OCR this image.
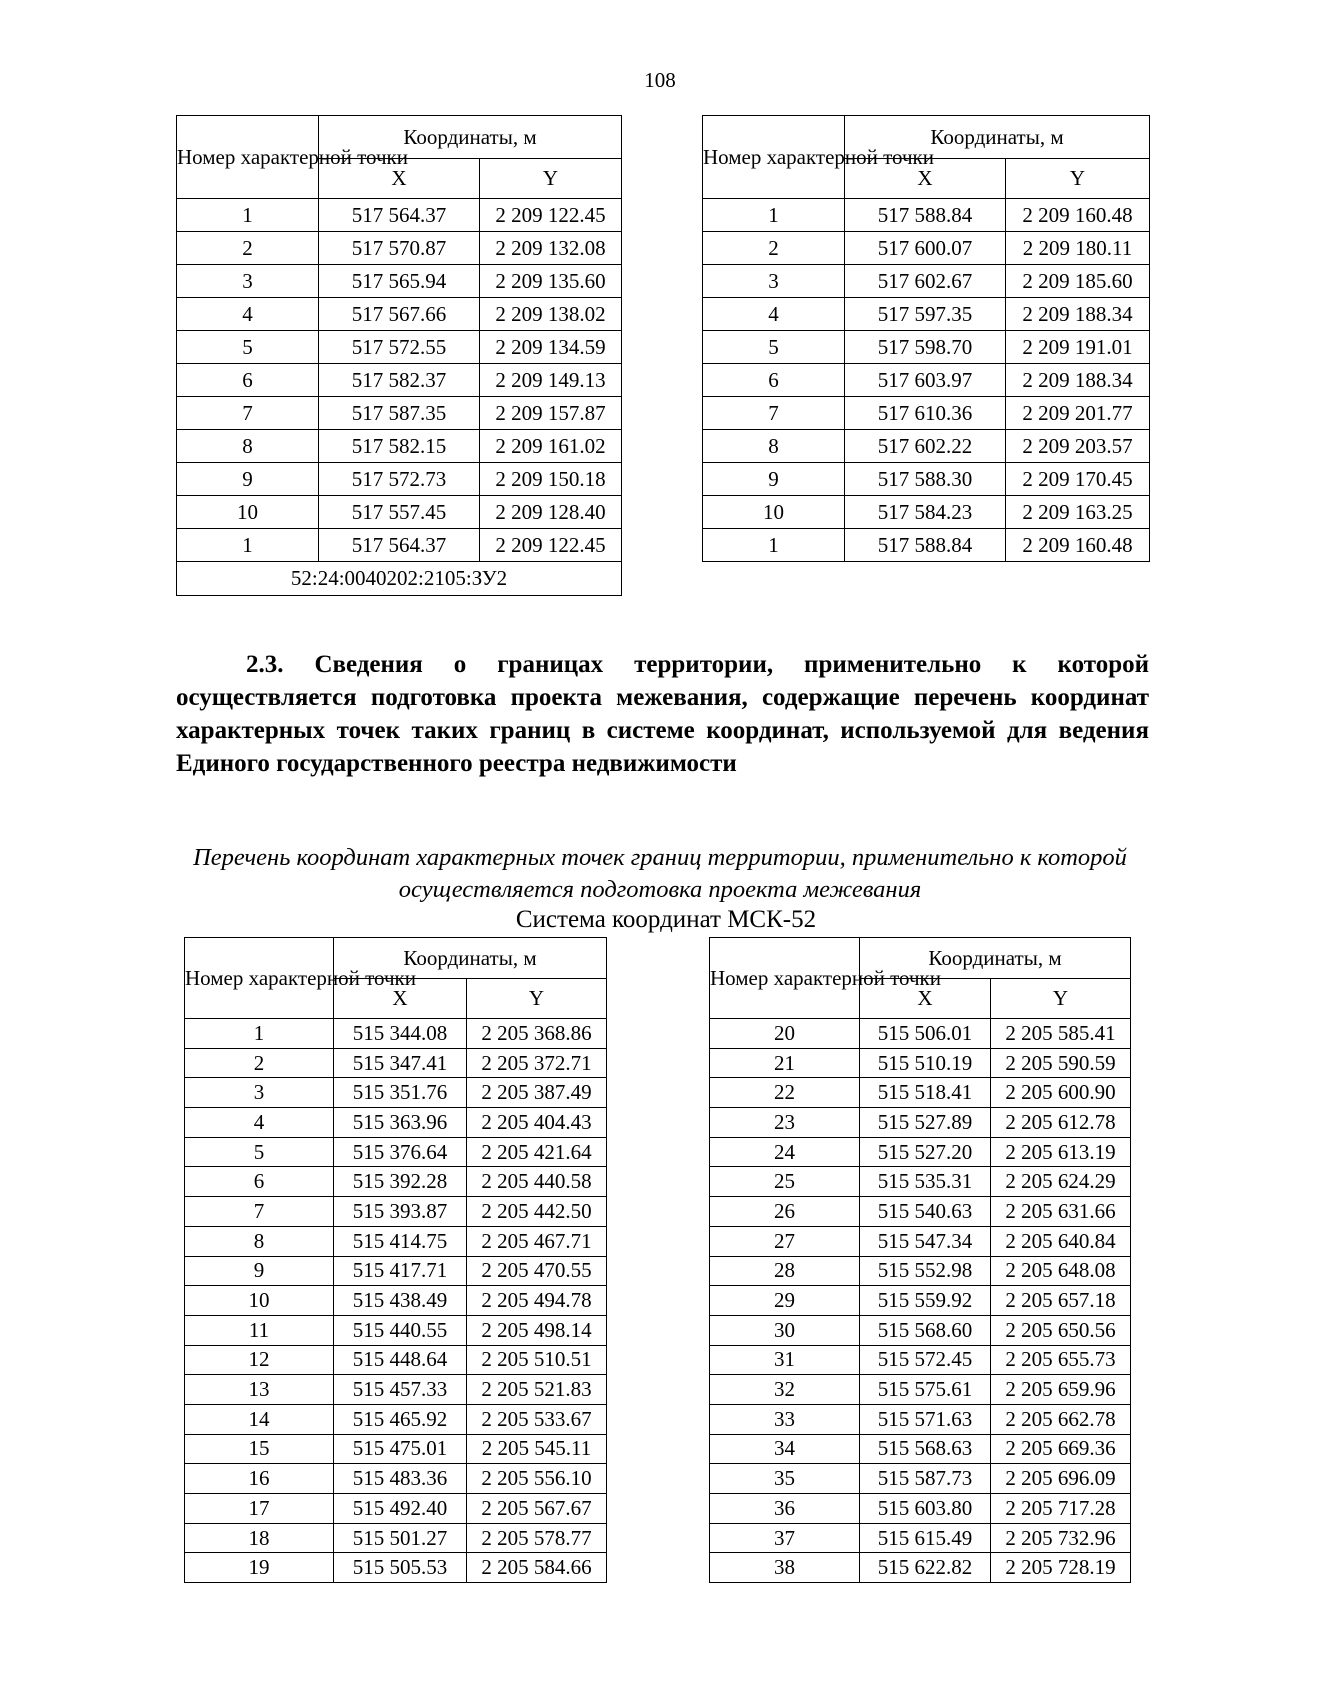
108
Номер характерной точки	Координаты, м	
	X	Y
1	517 564.37	2 209 122.45
2	517 570.87	2 209 132.08
3	517 565.94	2 209 135.60
4	517 567.66	2 209 138.02
5	517 572.55	2 209 134.59
6	517 582.37	2 209 149.13
7	517 587.35	2 209 157.87
8	517 582.15	2 209 161.02
9	517 572.73	2 209 150.18
10	517 557.45	2 209 128.40
1	517 564.37	2 209 122.45
52:24:0040202:2105:ЗУ2		
Номер характерной точки	Координаты, м	
	X	Y
1	517 588.84	2 209 160.48
2	517 600.07	2 209 180.11
3	517 602.67	2 209 185.60
4	517 597.35	2 209 188.34
5	517 598.70	2 209 191.01
6	517 603.97	2 209 188.34
7	517 610.36	2 209 201.77
8	517 602.22	2 209 203.57
9	517 588.30	2 209 170.45
10	517 584.23	2 209 163.25
1	517 588.84	2 209 160.48
2.3. Сведения о границах территории, применительно к которой осуществляется подготовка проекта межевания, содержащие перечень координат характерных точек таких границ в системе координат, используемой для ведения Единого государственного реестра недвижимости
Перечень координат характерных точек границ территории, применительно к которой осуществляется подготовка проекта межевания
Система координат МСК-52
Номер характерной точки	Координаты, м	
	X	Y
1	515 344.08	2 205 368.86
2	515 347.41	2 205 372.71
3	515 351.76	2 205 387.49
4	515 363.96	2 205 404.43
5	515 376.64	2 205 421.64
6	515 392.28	2 205 440.58
7	515 393.87	2 205 442.50
8	515 414.75	2 205 467.71
9	515 417.71	2 205 470.55
10	515 438.49	2 205 494.78
11	515 440.55	2 205 498.14
12	515 448.64	2 205 510.51
13	515 457.33	2 205 521.83
14	515 465.92	2 205 533.67
15	515 475.01	2 205 545.11
16	515 483.36	2 205 556.10
17	515 492.40	2 205 567.67
18	515 501.27	2 205 578.77
19	515 505.53	2 205 584.66
Номер характерной точки	Координаты, м	
	X	Y
20	515 506.01	2 205 585.41
21	515 510.19	2 205 590.59
22	515 518.41	2 205 600.90
23	515 527.89	2 205 612.78
24	515 527.20	2 205 613.19
25	515 535.31	2 205 624.29
26	515 540.63	2 205 631.66
27	515 547.34	2 205 640.84
28	515 552.98	2 205 648.08
29	515 559.92	2 205 657.18
30	515 568.60	2 205 650.56
31	515 572.45	2 205 655.73
32	515 575.61	2 205 659.96
33	515 571.63	2 205 662.78
34	515 568.63	2 205 669.36
35	515 587.73	2 205 696.09
36	515 603.80	2 205 717.28
37	515 615.49	2 205 732.96
38	515 622.82	2 205 728.19
